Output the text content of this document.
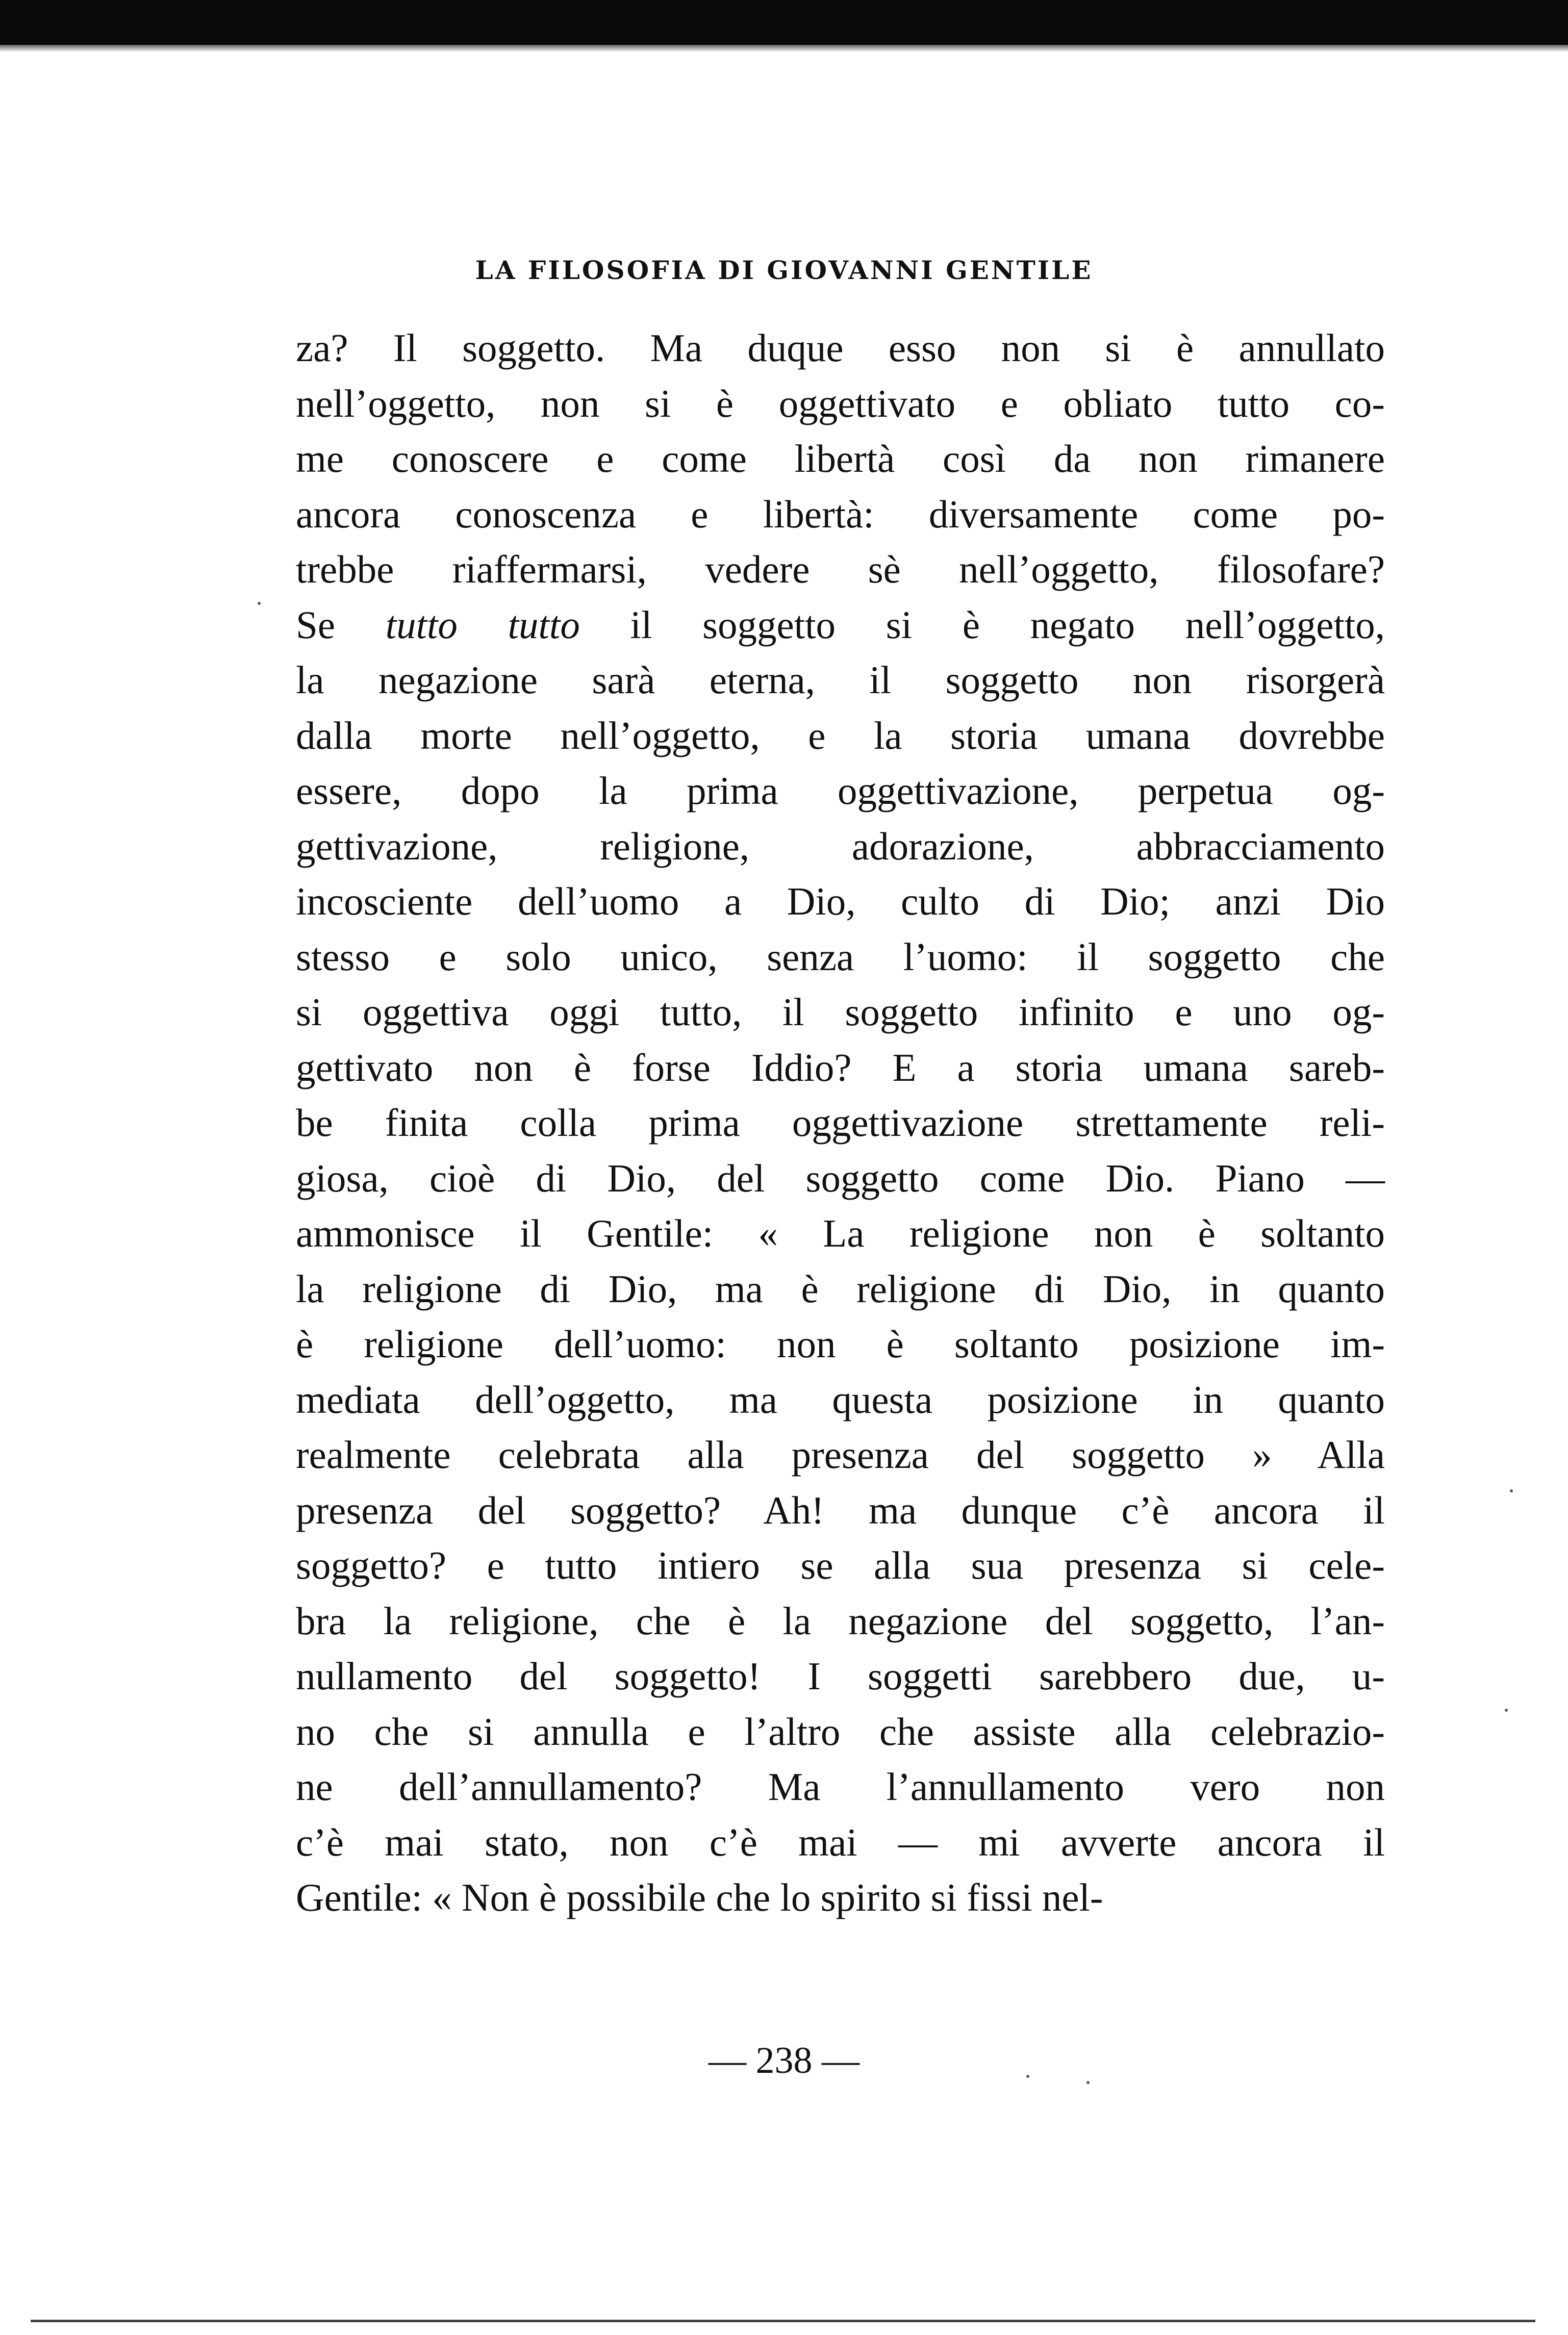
LA FILOSOFIA DI GIOVANNI GENTILE
za? Il soggetto. Ma duque esso non si è annullato
nell’oggetto, non si è oggettivato e obliato tutto co-
me conoscere e come libertà così da non rimanere
ancora conoscenza e libertà: diversamente come po-
trebbe riaffermarsi, vedere sè nell’oggetto, filosofare?
Se tutto tutto il soggetto si è negato nell’oggetto,
la negazione sarà eterna, il soggetto non risorgerà
dalla morte nell’oggetto, e la storia umana dovrebbe
essere, dopo la prima oggettivazione, perpetua og-
gettivazione, religione, adorazione, abbracciamento
incosciente dell’uomo a Dio, culto di Dio; anzi Dio
stesso e solo unico, senza l’uomo: il soggetto che
si oggettiva oggi tutto, il soggetto infinito e uno og-
gettivato non è forse Iddio? E a storia umana sareb-
be finita colla prima oggettivazione strettamente reli-
giosa, cioè di Dio, del soggetto come Dio. Piano —
ammonisce il Gentile: « La religione non è soltanto
la religione di Dio, ma è religione di Dio, in quanto
è religione dell’uomo: non è soltanto posizione im-
mediata dell’oggetto, ma questa posizione in quanto
realmente celebrata alla presenza del soggetto » Alla
presenza del soggetto? Ah! ma dunque c’è ancora il
soggetto? e tutto intiero se alla sua presenza si cele-
bra la religione, che è la negazione del soggetto, l’an-
nullamento del soggetto! I soggetti sarebbero due, u-
no che si annulla e l’altro che assiste alla celebrazio-
ne dell’annullamento? Ma l’annullamento vero non
c’è mai stato, non c’è mai — mi avverte ancora il
Gentile: « Non è possibile che lo spirito si fissi nel-
— 238 —
